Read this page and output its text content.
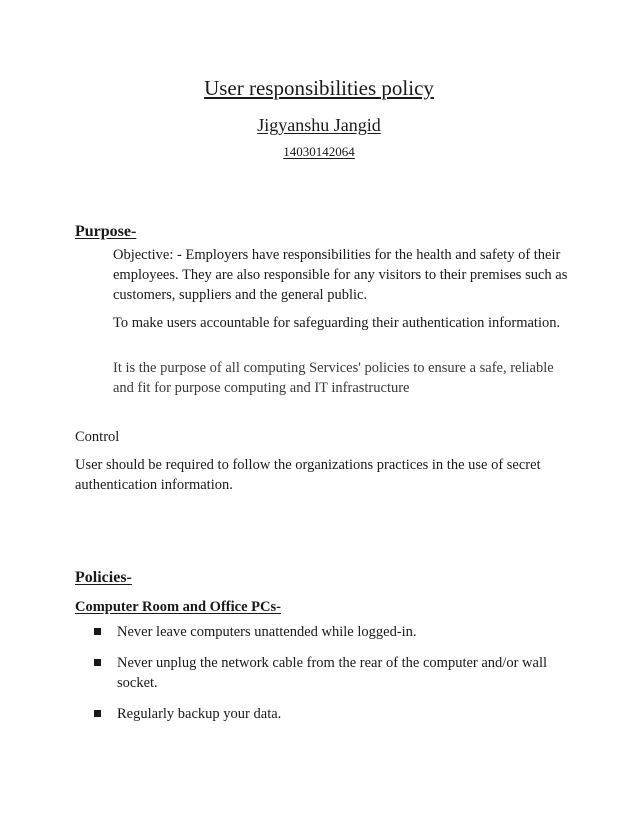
User responsibilities policy
Jigyanshu Jangid
14030142064
Purpose-

Objective: - Employers have responsibilities for the health and safety of their employees. They are also responsible for any visitors to their premises such as customers, suppliers and the general public.

To make users accountable for safeguarding their authentication information.

It is the purpose of all computing Services' policies to ensure a safe, reliable and fit for purpose computing and IT infrastructure

Control

User should be required to follow the organizations practices in the use of secret authentication information.

Policies-
Computer Room and Office PCs-
Never leave computers unattended while logged-in.
Never unplug the network cable from the rear of the computer and/or wall socket.
Regularly backup your data.
